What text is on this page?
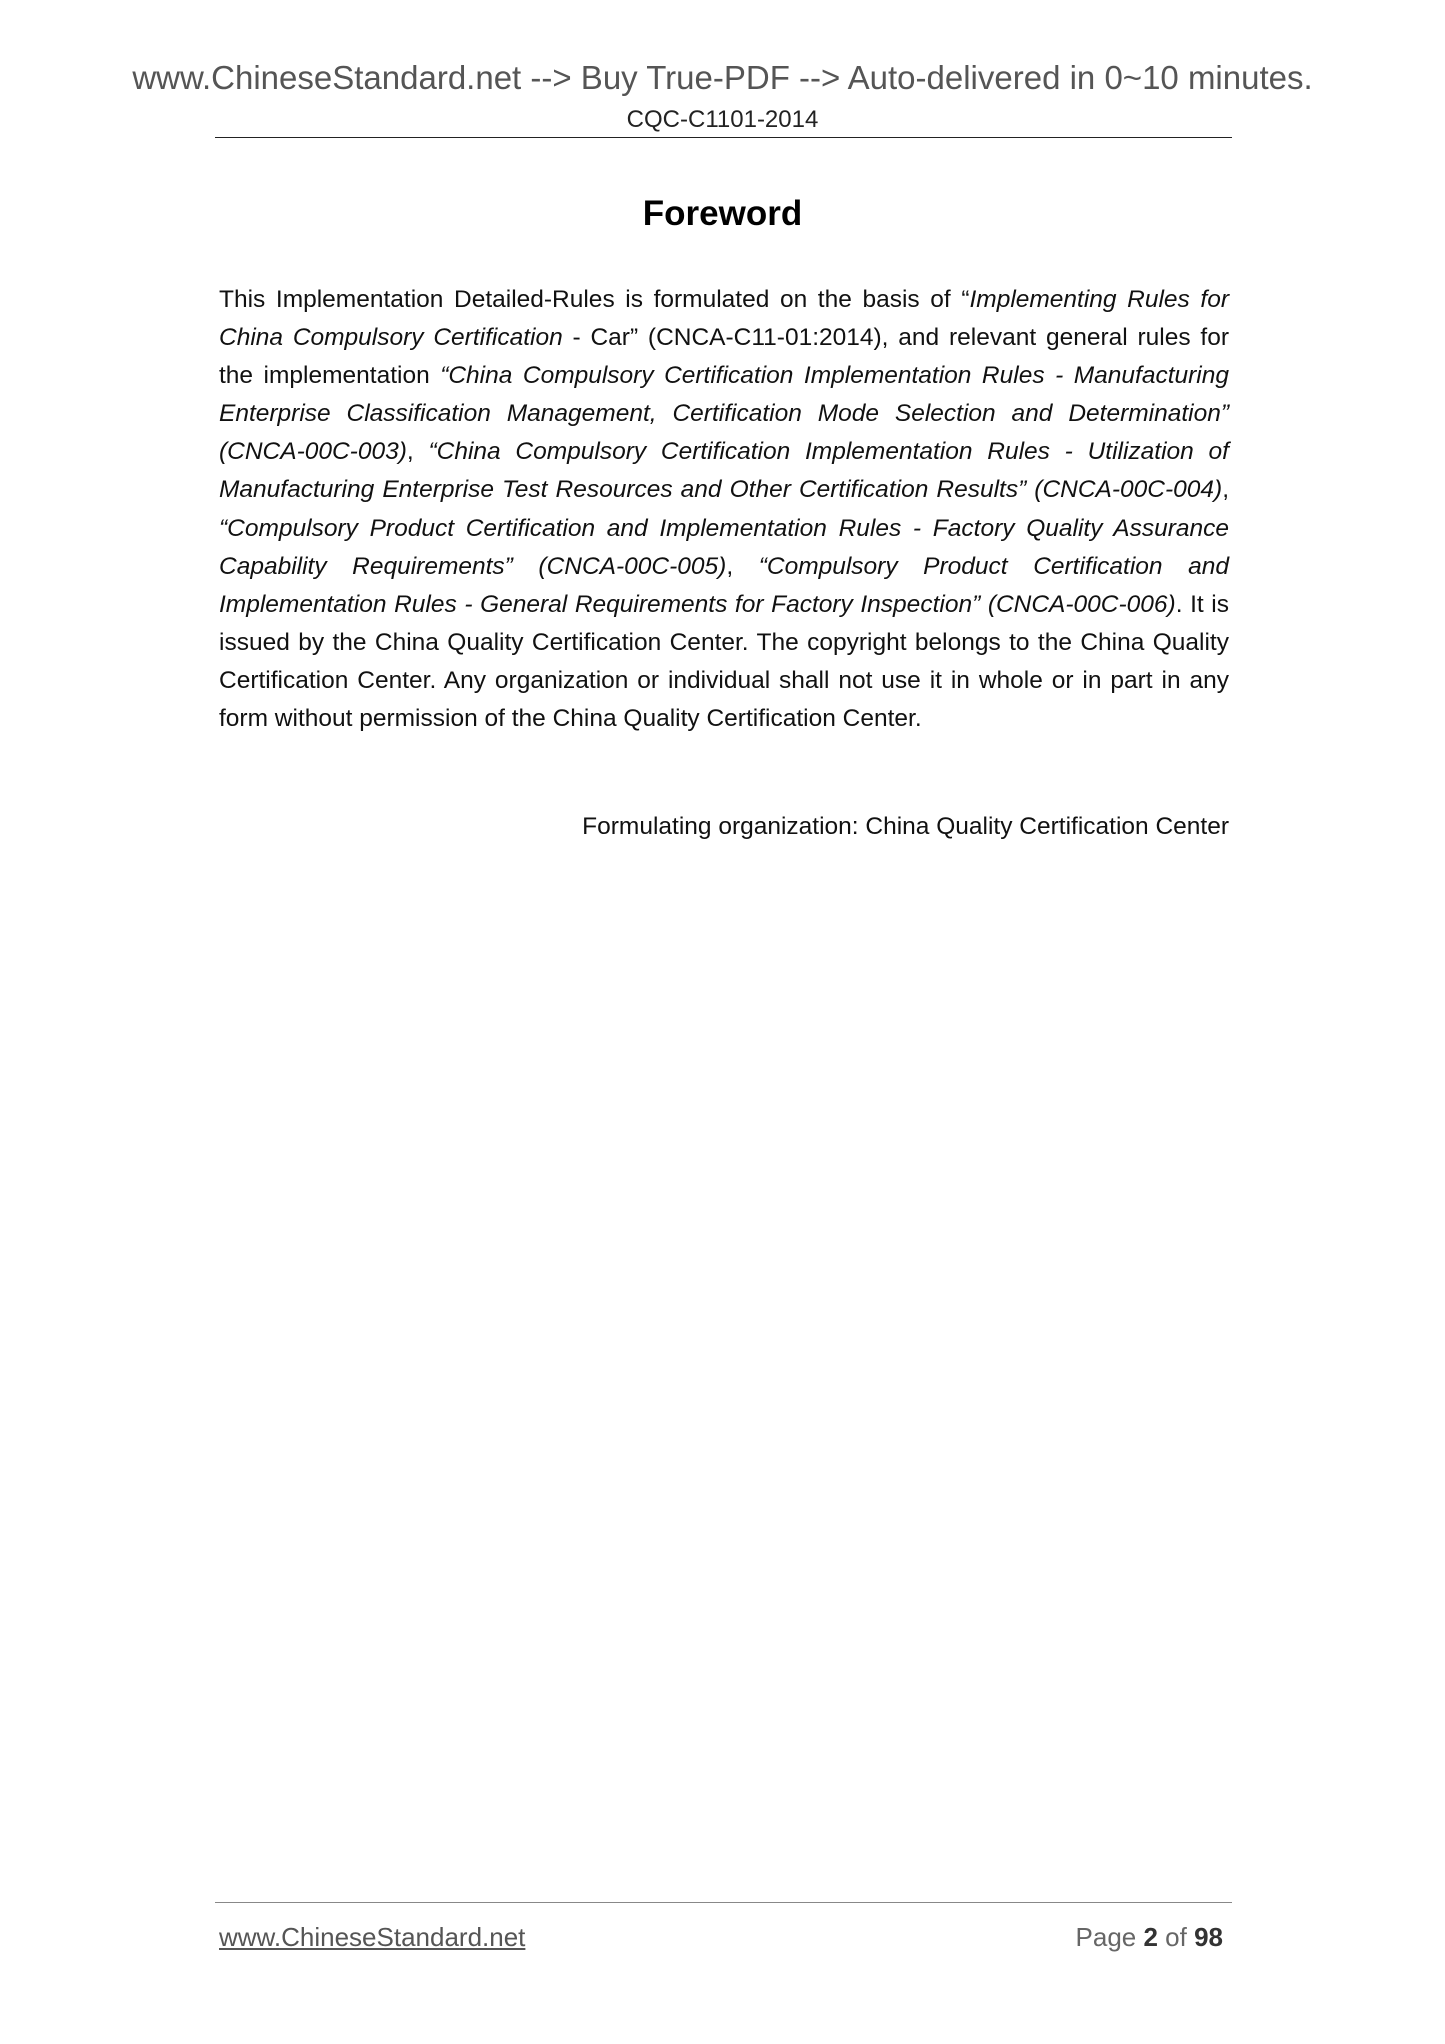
www.ChineseStandard.net --> Buy True-PDF --> Auto-delivered in 0~10 minutes.
CQC-C1101-2014
Foreword
This Implementation Detailed-Rules is formulated on the basis of “Implementing Rules for China Compulsory Certification - Car” (CNCA-C11-01:2014), and relevant general rules for the implementation “China Compulsory Certification Implementation Rules - Manufacturing Enterprise Classification Management, Certification Mode Selection and Determination” (CNCA-00C-003), “China Compulsory Certification Implementation Rules - Utilization of Manufacturing Enterprise Test Resources and Other Certification Results” (CNCA-00C-004), “Compulsory Product Certification and Implementation Rules - Factory Quality Assurance Capability Requirements” (CNCA-00C-005), “Compulsory Product Certification and Implementation Rules - General Requirements for Factory Inspection” (CNCA-00C-006). It is issued by the China Quality Certification Center. The copyright belongs to the China Quality Certification Center. Any organization or individual shall not use it in whole or in part in any form without permission of the China Quality Certification Center.
Formulating organization: China Quality Certification Center
www.ChineseStandard.net	Page 2 of 98
